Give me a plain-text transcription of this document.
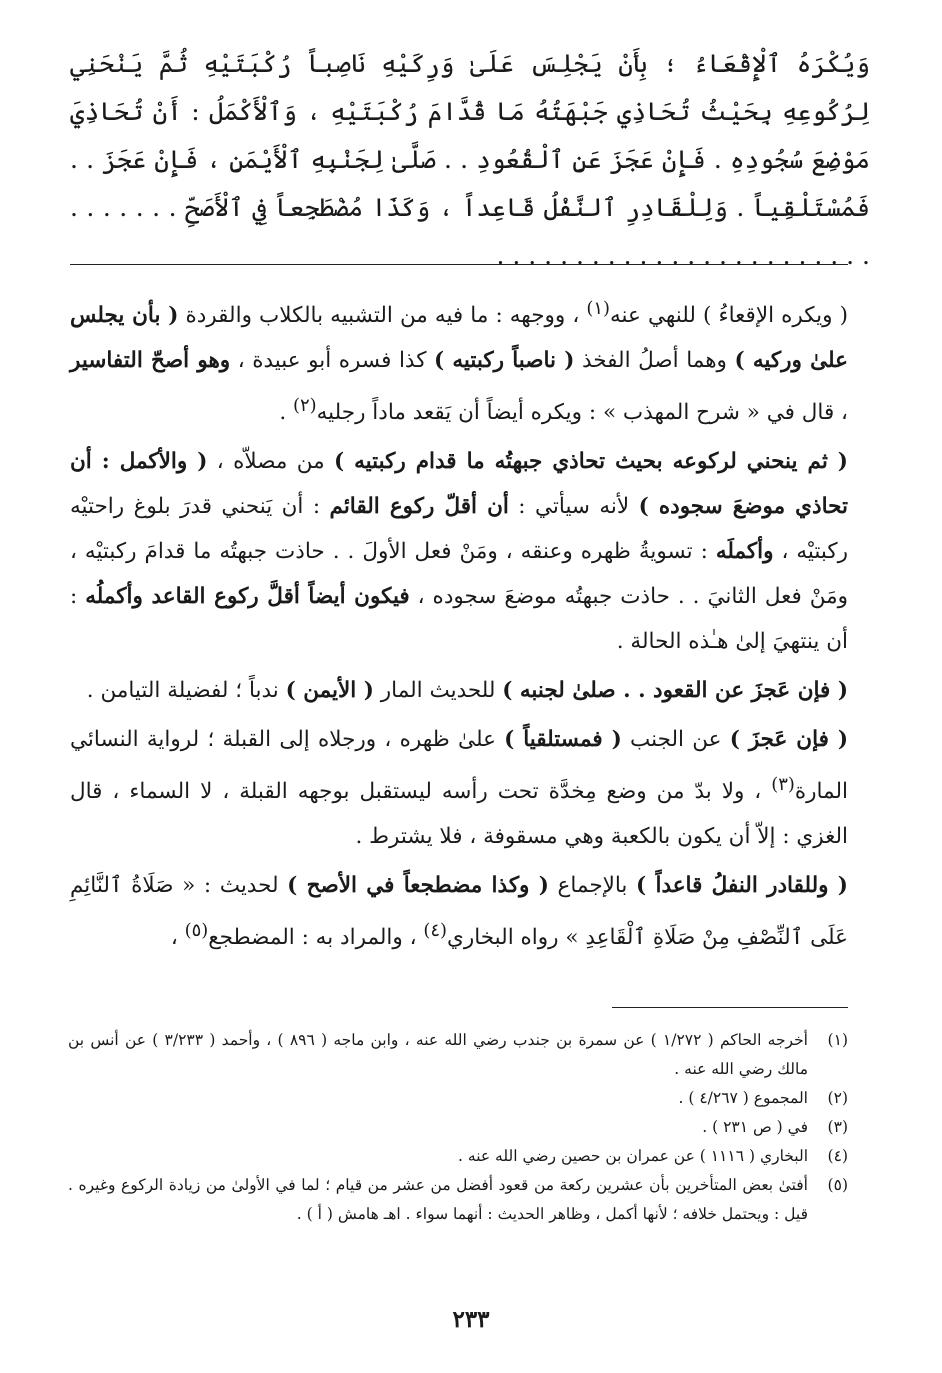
وَيُكْرَهُ ٱلْإِقْعَاءُ ؛ بِأَنْ يَجْلِسَ عَلَىٰ وَرِكَيْهِ نَاصِباً رُكْبَتَيْهِ ثُمَّ يَنْحَنِي لِرُكُوعِهِ بِحَيْثُ تُحَاذِي جَبْهَتُهُ مَا قُدَّامَ رُكْبَتَيْهِ ، وَٱلْأَكْمَلُ : أَنْ تُحَاذِيَ مَوْضِعَ سُجُودِهِ . فَإِنْ عَجَزَ عَنِ ٱلْقُعُودِ . . صَلَّىٰ لِجَنْبِهِ ٱلْأَيْمَنِ ، فَإِنْ عَجَزَ . . فَمُسْتَلْقِياً . وَلِلْقَادِرِ ٱلنَّفْلُ قَاعِداً ، وَكَذَا مُضْطَجِعاً فِي ٱلْأَصَحِّ . . . . . . . . . . . . . . . . . . . . . . . . . . . . . . .

( ويكره الإقعاءُ ) للنهي عنه$^{(١)}$ ، ووجهه : ما فيه من التشبيه بالكلاب والقردة ( بأن يجلس علىٰ وركيه ) وهما أصلُ الفخذ ( ناصباً ركبتيه ) كذا فسره أبو عبيدة ، وهو أصحّ التفاسير ، قال في « شرح المهذب » : ويكره أيضاً أن يَقعد ماداً رجليه$^{(٢)}$ .

( ثم ينحني لركوعه بحيث تحاذي جبهتُه ما قدام ركبتيه ) من مصلاّه ، ( والأكمل : أن تحاذي موضعَ سجوده ) لأنه سيأتي : أن أقلّ ركوع القائم : أن يَنحني قدرَ بلوغ راحتيْه ركبتيْه ، وأكملَه : تسويةُ ظهره وعنقه ، ومَنْ فعل الأولَ . . حاذت جبهتُه ما قدامَ ركبتيْه ، ومَنْ فعل الثانيَ . . حاذت جبهتُه موضعَ سجوده ، فيكون أيضاً أقلَّ ركوع القاعد وأكملُه : أن ينتهيَ إلىٰ هـٰذه الحالة .

( فإن عَجزَ عن القعود . . صلىٰ لجنبه ) للحديث المار ( الأيمن ) ندباً ؛ لفضيلة التيامن .

( فإن عَجزَ ) عن الجنب ( فمستلقياً ) علىٰ ظهره ، ورجلاه إلى القبلة ؛ لرواية النسائي المارة$^{(٣)}$ ، ولا بدّ من وضع مِخدَّة تحت رأسه ليستقبل بوجهه القبلة ، لا السماء ، قال الغزي : إلاّ أن يكون بالكعبة وهي مسقوفة ، فلا يشترط .

( وللقادر النفلُ قاعداً ) بالإجماع ( وكذا مضطجعاً في الأصح ) لحديث : « صَلَاةُ ٱلنَّائِمِ عَلَى ٱلنِّصْفِ مِنْ صَلَاةِ ٱلْقَاعِدِ » رواه البخاري$^{(٤)}$ ، والمراد به : المضطجع$^{(٥)}$ ،

(١)
أخرجه الحاكم ( ١/٢٧٢ ) عن سمرة بن جندب رضي الله عنه ، وابن ماجه ( ٨٩٦ ) ، وأحمد ( ٣/٢٣٣ ) عن أنس بن مالك رضي الله عنه .
(٢)
المجموع ( ٤/٢٦٧ ) .
(٣)
في ( ص ٢٣١ ) .
(٤)
البخاري ( ١١١٦ ) عن عمران بن حصين رضي الله عنه .
(٥)
أفتىٰ بعض المتأخرين بأن عشرين ركعة من قعود أفضل من عشر من قيام ؛ لما في الأولىٰ من زيادة الركوع وغيره . قيل : ويحتمل خلافه ؛ لأنها أكمل ، وظاهر الحديث : أنهما سواء . اهـ هامش ( أ ) .
٢٣٣
